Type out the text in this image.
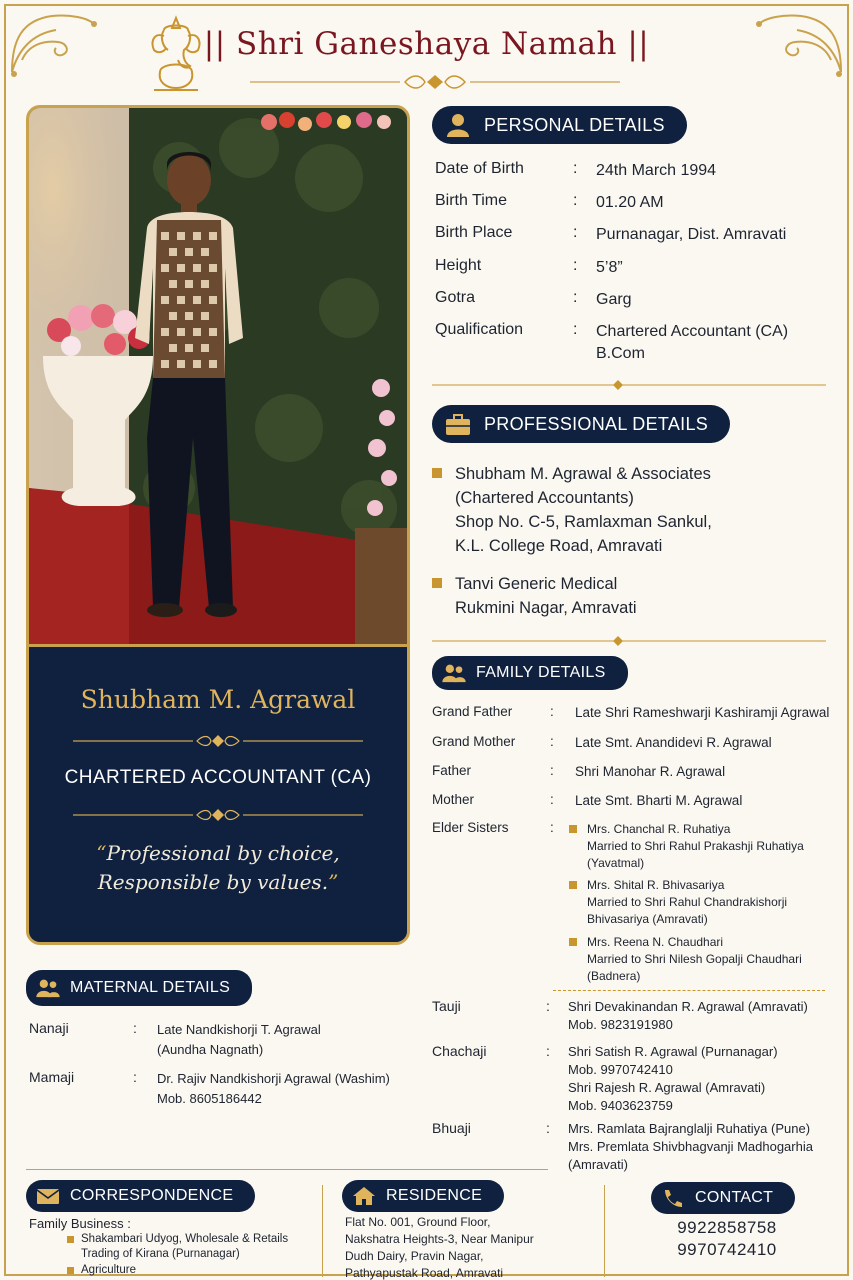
|| Shri Ganeshaya Namah ||
Shubham M. Agrawal
CHARTERED ACCOUNTANT (CA)
“Professional by choice,
Responsible by values.”
PERSONAL DETAILS
Date of Birth	: 24th March 1994
Birth Time	: 01.20 AM
Birth Place	: Purnanagar, Dist. Amravati
Height	: 5’8”
Gotra	: Garg
Qualification	: Chartered Accountant (CA)
B.Com
PROFESSIONAL DETAILS
Shubham M. Agrawal & Associates
(Chartered Accountants)
Shop No. C-5, Ramlaxman Sankul,
K.L. College Road, Amravati
Tanvi Generic Medical
Rukmini Nagar, Amravati
FAMILY DETAILS
Grand Father	: Late Shri Rameshwarji Kashiramji Agrawal
Grand Mother	: Late Smt. Anandidevi R. Agrawal
Father	: Shri Manohar R. Agrawal
Mother	: Late Smt. Bharti M. Agrawal
Elder Sisters	:	Mrs. Chanchal R. Ruhatiya
Married to Shri Rahul Prakashji Ruhatiya
(Yavatmal)
Mrs. Shital R. Bhivasariya
Married to Shri Rahul Chandrakishorji
Bhivasariya (Amravati)
Mrs. Reena N. Chaudhari
Married to Shri Nilesh Gopalji Chaudhari
(Badnera)
Tauji	: Shri Devakinandan R. Agrawal (Amravati)
Mob. 9823191980
Chachaji	: Shri Satish R. Agrawal (Purnanagar)
Mob. 9970742410
Shri Rajesh R. Agrawal (Amravati)
Mob. 9403623759
Bhuaji	: Mrs. Ramlata Bajranglalji Ruhatiya (Pune)
Mrs. Premlata Shivbhagvanji Madhogarhia
(Amravati)
MATERNAL DETAILS
Nanaji	: Late Nandkishorji T. Agrawal
(Aundha Nagnath)
Mamaji	: Dr. Rajiv Nandkishorji Agrawal (Washim)
Mob. 8605186442
CORRESPONDENCE
Family Business :
Shakambari Udyog, Wholesale & Retails
Trading of Kirana (Purnanagar)
Agriculture
RESIDENCE
Flat No. 001, Ground Floor,
Nakshatra Heights-3, Near Manipur
Dudh Dairy, Pravin Nagar,
Pathyapustak Road, Amravati
CONTACT
9922858758
9970742410
